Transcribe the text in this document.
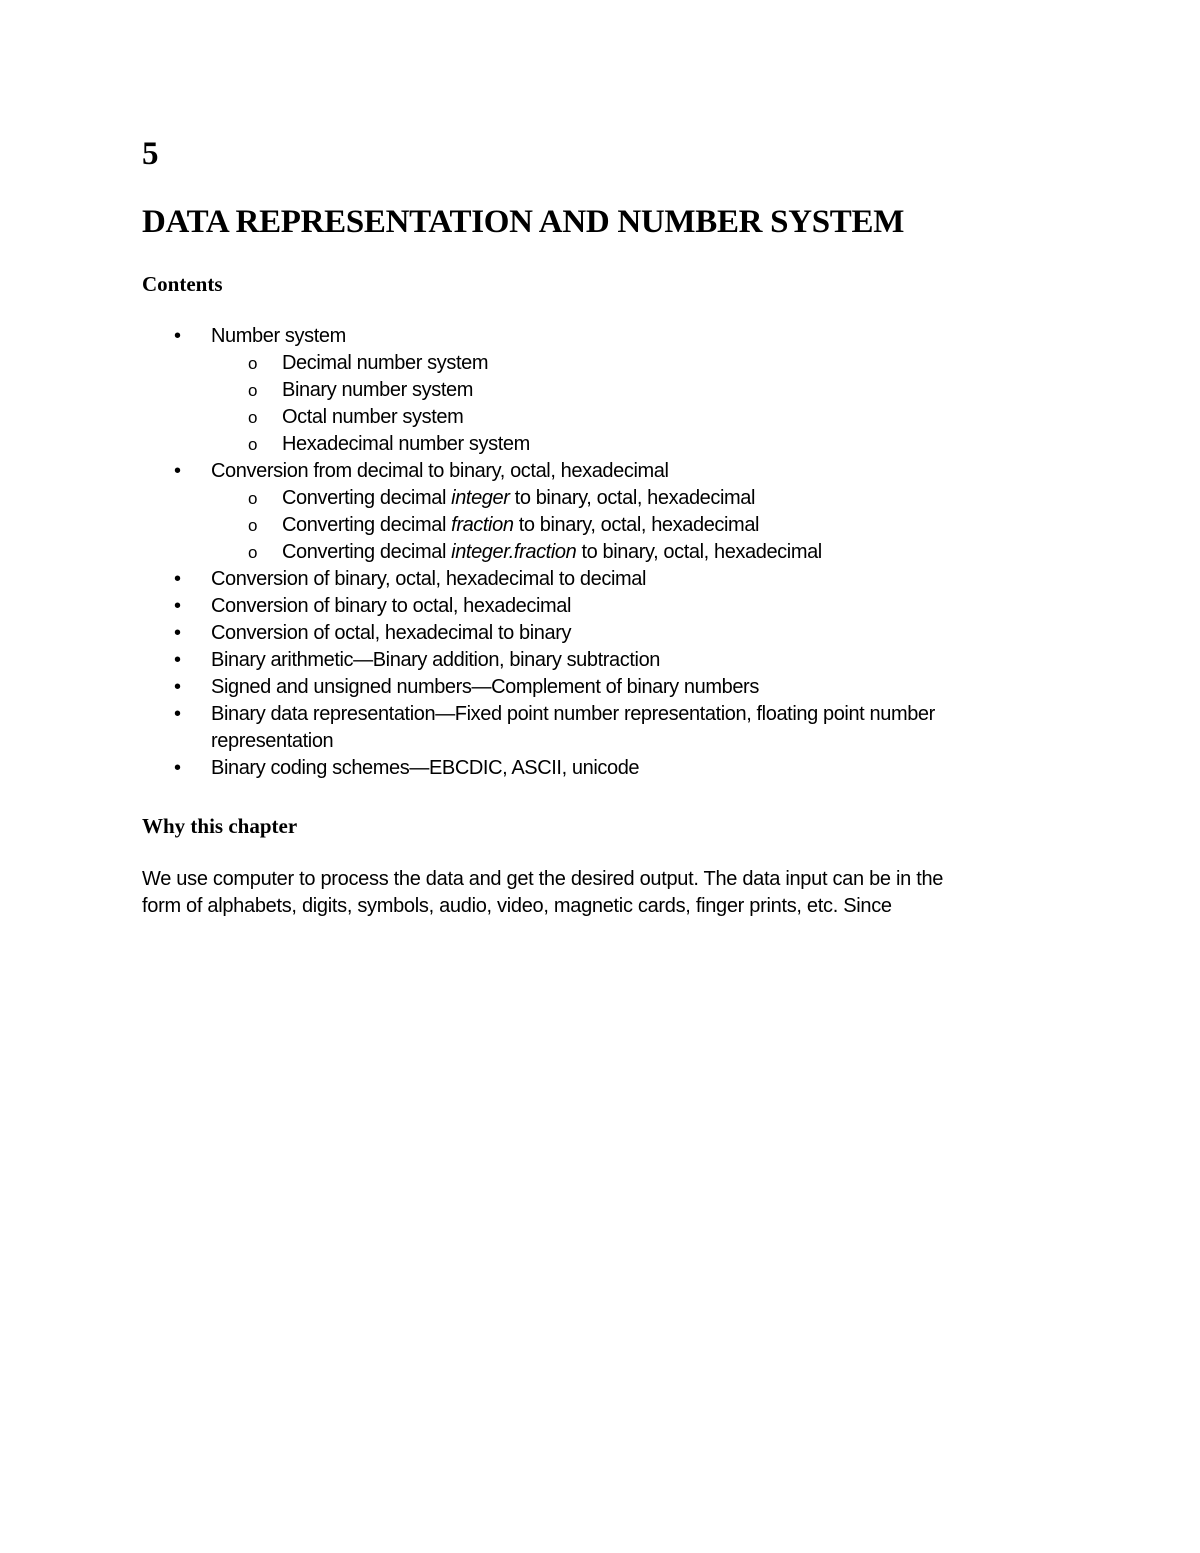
5
DATA REPRESENTATION AND NUMBER SYSTEM
Contents
• Number system
o Decimal number system
o Binary number system
o Octal number system
o Hexadecimal number system
• Conversion from decimal to binary, octal, hexadecimal
o Converting decimal integer to binary, octal, hexadecimal
o Converting decimal fraction to binary, octal, hexadecimal
o Converting decimal integer.fraction to binary, octal, hexadecimal
• Conversion of binary, octal, hexadecimal to decimal
• Conversion of binary to octal, hexadecimal
• Conversion of octal, hexadecimal to binary
• Binary arithmetic—Binary addition, binary subtraction
• Signed and unsigned numbers—Complement of binary numbers
• Binary data representation—Fixed point number representation, floating point number representation
• Binary coding schemes—EBCDIC, ASCII, unicode
Why this chapter

We use computer to process the data and get the desired output. The data input can be in the
form of alphabets, digits, symbols, audio, video, magnetic cards, finger prints, etc. Since
